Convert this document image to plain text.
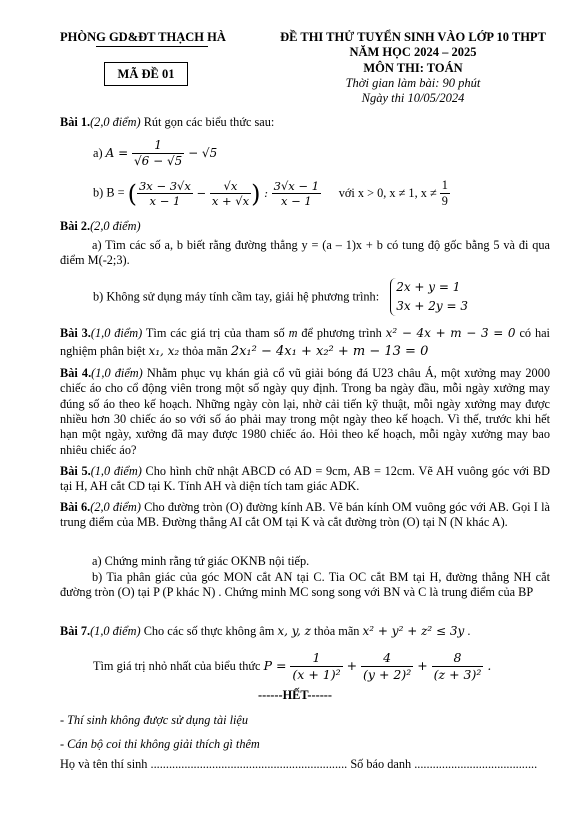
PHÒNG GD&ĐT THẠCH HÀ	ĐỀ THI THỬ TUYỂN SINH VÀO LỚP 10 THPT
NĂM HỌC 2024 – 2025
MÔN THI: TOÁN
Thời gian làm bài: 90 phút
Ngày thi 10/05/2024
MÃ ĐỀ 01
Bài 1.(2,0 điểm) Rút gọn các biểu thức sau:
a) $A = \frac{1}{√6 - √5} - √5$
b) B = ( $\frac{3x - 3√x}{x - 1} - \frac{√x}{x + √x}$ ) : $\frac{3√x - 1}{x - 1}$ với x > 0, x ≠ 1, $x \ne \frac{1}{9}$
Bài 2.(2,0 điểm)
a) Tìm các số a, b biết rằng đường thẳng y = (a – 1)x + b có tung độ gốc bằng 5 và đi qua điểm M(-2;3).
b) Không sử dụng máy tính cầm tay, giải hệ phương trình:
2x + y = 1
3x + 2y = 3
Bài 3.(1,0 điểm) Tìm các giá trị của tham số m để phương trình x² − 4x + m − 3 = 0 có hai nghiệm phân biệt x₁, x₂ thỏa mãn 2x₁² − 4x₁ + x₂² + m − 13 = 0
Bài 4.(1,0 điểm) Nhằm phục vụ khán giả cổ vũ giải bóng đá U23 châu Á, một xưởng may 2000 chiếc áo cho cổ động viên trong một số ngày quy định. Trong ba ngày đầu, mỗi ngày xưởng may đúng số áo theo kế hoạch. Những ngày còn lại, nhờ cải tiến kỹ thuật, mỗi ngày xưởng may được nhiều hơn 30 chiếc áo so với số áo phải may trong một ngày theo kế hoạch. Vì thế, trước khi hết hạn một ngày, xưởng đã may được 1980 chiếc áo. Hỏi theo kế hoạch, mỗi ngày xưởng may bao nhiêu chiếc áo?
Bài 5.(1,0 điểm) Cho hình chữ nhật ABCD có AD = 9cm, AB = 12cm. Vẽ AH vuông góc với BD tại H, AH cắt CD tại K. Tính AH và diện tích tam giác ADK.
Bài 6.(2,0 điểm) Cho đường tròn (O) đường kính AB. Vẽ bán kính OM vuông góc với AB. Gọi I là trung điểm của MB. Đường thẳng AI cắt OM tại K và cắt đường tròn (O) tại N (N khác A).
a) Chứng minh rằng tứ giác OKNB nội tiếp.
b) Tia phân giác của góc MON cắt AN tại C. Tia OC cắt BM tại H, đường thẳng NH cắt đường tròn (O) tại P (P khác N) . Chứng minh MC song song với BN và C là trung điểm của BP
Bài 7.(1,0 điểm) Cho các số thực không âm x, y, z thỏa mãn x² + y² + z² ≤ 3y .
Tìm giá trị nhỏ nhất của biểu thức $P = \frac{1}{\text{(x + 1)²}} + \frac{4}{\text{(y + 2)²}} + \frac{8}{\text{(z + 3)²}}$ .
------HẾT------
- Thí sinh không được sử dụng tài liệu
- Cán bộ coi thi không giải thích gì thêm
Họ và tên thí sinh ................................................................ Số báo danh ........................................
